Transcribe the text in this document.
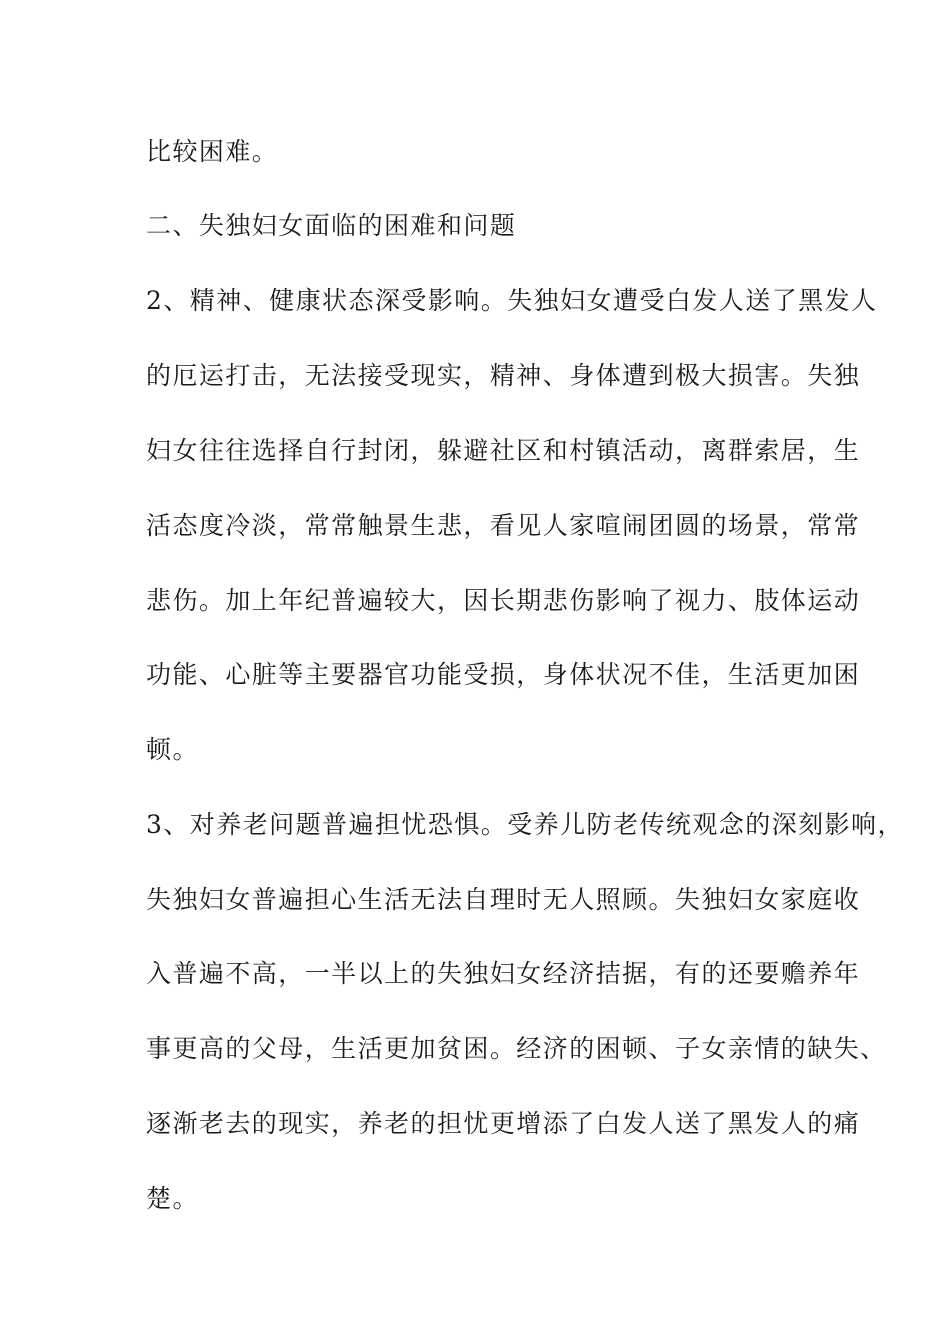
比较困难。
二、失独妇女面临的困难和问题
2、精神、健康状态深受影响。失独妇女遭受白发人送了黑发人
的厄运打击，无法接受现实，精神、身体遭到极大损害。失独
妇女往往选择自行封闭，躲避社区和村镇活动，离群索居，生
活态度冷淡，常常触景生悲，看见人家喧闹团圆的场景，常常
悲伤。加上年纪普遍较大，因长期悲伤影响了视力、肢体运动
功能、心脏等主要器官功能受损，身体状况不佳，生活更加困
顿。
3、对养老问题普遍担忧恐惧。受养儿防老传统观念的深刻影响，
失独妇女普遍担心生活无法自理时无人照顾。失独妇女家庭收
入普遍不高，一半以上的失独妇女经济拮据，有的还要赡养年
事更高的父母，生活更加贫困。经济的困顿、子女亲情的缺失、
逐渐老去的现实，养老的担忧更增添了白发人送了黑发人的痛
楚。
